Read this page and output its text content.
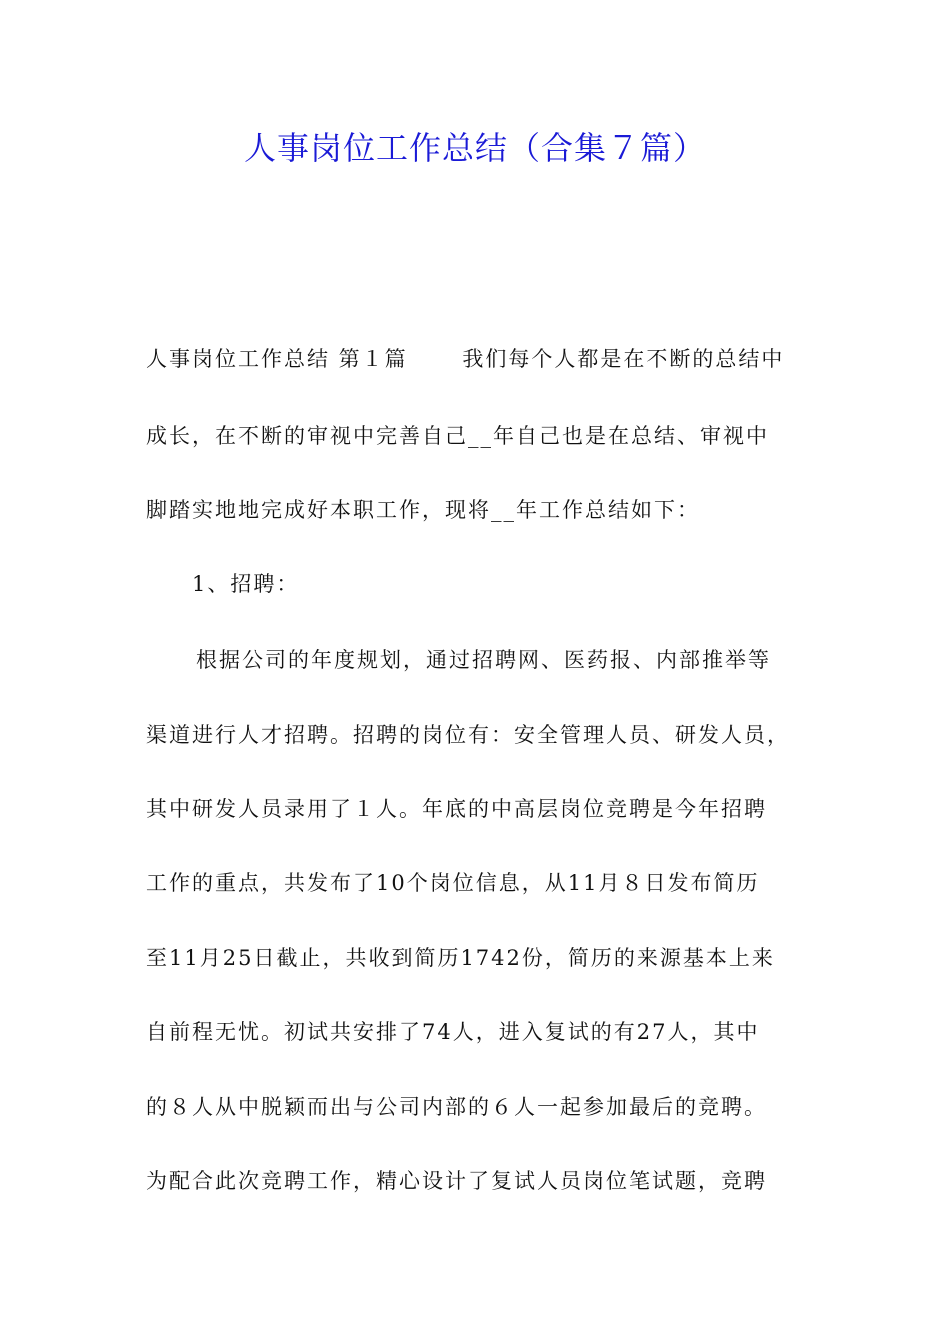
人事岗位工作总结（合集７篇）
人事岗位工作总结 第１篇　　 我们每个人都是在不断的总结中
成长，在不断的审视中完善自己__年自己也是在总结、审视中
脚踏实地地完成好本职工作，现将__年工作总结如下：
1、招聘：
根据公司的年度规划，通过招聘网、医药报、内部推举等
渠道进行人才招聘。招聘的岗位有：安全管理人员、研发人员，
其中研发人员录用了１人。年底的中高层岗位竞聘是今年招聘
工作的重点，共发布了10个岗位信息，从11月８日发布简历
至11月25日截止，共收到简历1742份，简历的来源基本上来
自前程无忧。初试共安排了74人，进入复试的有27人，其中
的８人从中脱颖而出与公司内部的６人一起参加最后的竞聘。
为配合此次竞聘工作，精心设计了复试人员岗位笔试题，竞聘
